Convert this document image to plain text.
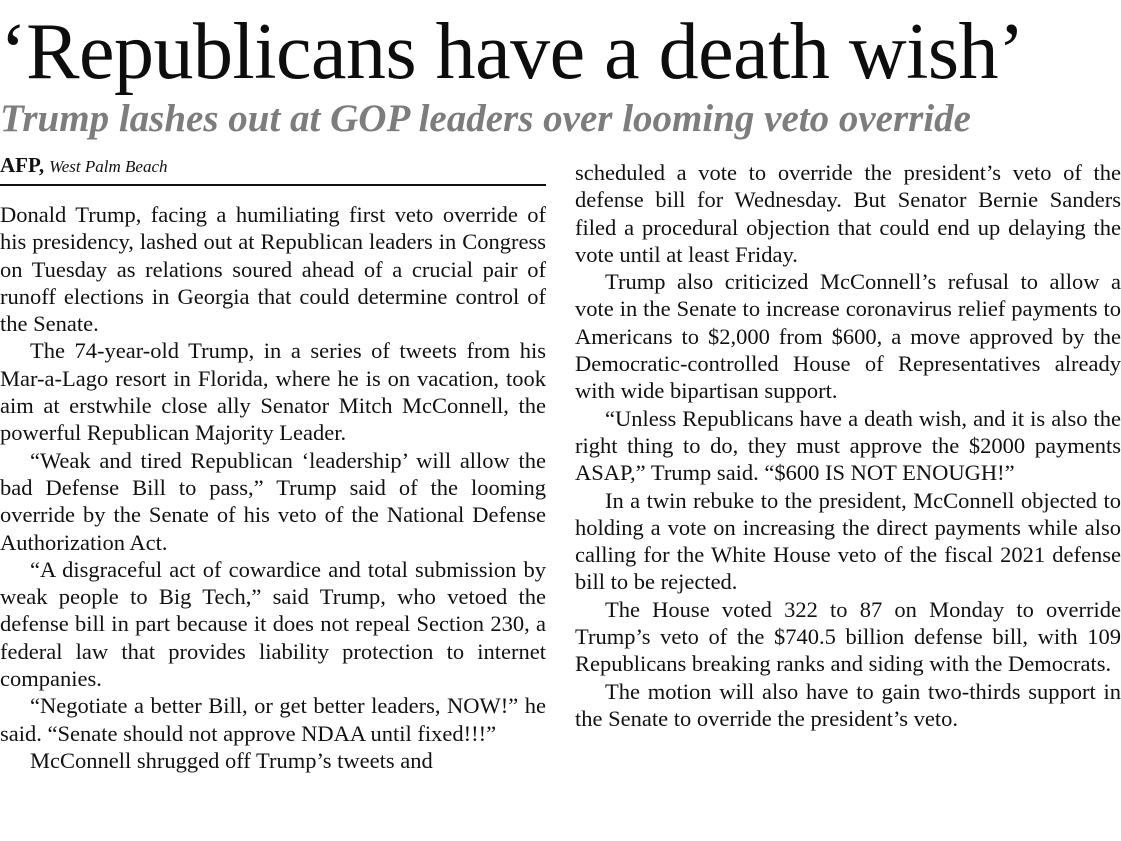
‘Republicans have a death wish’
Trump lashes out at GOP leaders over looming veto override
AFP, West Palm Beach

Donald Trump, facing a humiliating first veto override of his presidency, lashed out at Republican leaders in Congress on Tuesday as relations soured ahead of a crucial pair of runoff elections in Georgia that could determine control of the Senate.

The 74-year-old Trump, in a series of tweets from his Mar-a-Lago resort in Florida, where he is on vacation, took aim at erstwhile close ally Senator Mitch McConnell, the powerful Republican Majority Leader.

“Weak and tired Republican ‘leadership’ will allow the bad Defense Bill to pass,” Trump said of the looming override by the Senate of his veto of the National Defense Authorization Act.

“A disgraceful act of cowardice and total submission by weak people to Big Tech,” said Trump, who vetoed the defense bill in part because it does not repeal Section 230, a federal law that provides liability protection to internet companies.

“Negotiate a better Bill, or get better leaders, NOW!” he said. “Senate should not approve NDAA until fixed!!!”

McConnell shrugged off Trump’s tweets and

scheduled a vote to override the president’s veto of the defense bill for Wednesday. But Senator Bernie Sanders filed a procedural objection that could end up delaying the vote until at least Friday.

Trump also criticized McConnell’s refusal to allow a vote in the Senate to increase coronavirus relief payments to Americans to $2,000 from $600, a move approved by the Democratic-controlled House of Representatives already with wide bipartisan support.

“Unless Republicans have a death wish, and it is also the right thing to do, they must approve the $2000 payments ASAP,” Trump said. “$600 IS NOT ENOUGH!”

In a twin rebuke to the president, McConnell objected to holding a vote on increasing the direct payments while also calling for the White House veto of the fiscal 2021 defense bill to be rejected.

The House voted 322 to 87 on Monday to override Trump’s veto of the $740.5 billion defense bill, with 109 Republicans breaking ranks and siding with the Democrats.

The motion will also have to gain two-thirds support in the Senate to override the president’s veto.
